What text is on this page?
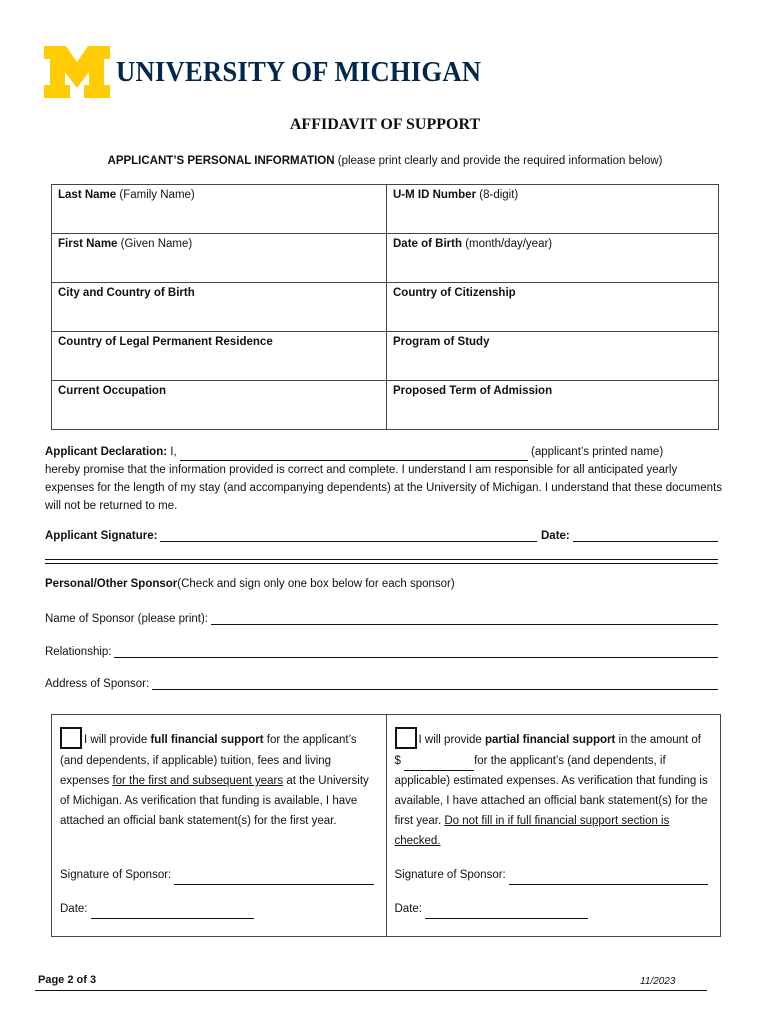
UNIVERSITY OF MICHIGAN
AFFIDAVIT OF SUPPORT
APPLICANT’S PERSONAL INFORMATION (please print clearly and provide the required information below)
Last Name (Family Name)	U-M ID Number (8-digit)
First Name (Given Name)	Date of Birth (month/day/year)
City and Country of Birth	Country of Citizenship
Country of Legal Permanent Residence	Program of Study
Current Occupation	Proposed Term of Admission
Applicant Declaration: I,	(applicant’s printed name)
hereby promise that the information provided is correct and complete. I understand I am responsible for all anticipated yearly expenses for the length of my stay (and accompanying dependents) at the University of Michigan. I understand that these documents will not be returned to me.
Applicant Signature:	Date:
Personal/Other Sponsor (Check and sign only one box below for each sponsor)
Name of Sponsor (please print):
Relationship:
Address of Sponsor:
I will provide full financial support for the applicant’s (and dependents, if applicable) tuition, fees and living expenses for the first and subsequent years at the University of Michigan. As verification that funding is available, I have attached an official bank statement(s) for the first year.
Signature of Sponsor:
Date:
I will provide partial financial support in the amount of $	for the applicant’s (and dependents, if applicable) estimated expenses. As verification that funding is available, I have attached an official bank statement(s) for the first year. Do not fill in if full financial support section is checked.
Signature of Sponsor:
Date:
Page 2 of 3	11/2023
